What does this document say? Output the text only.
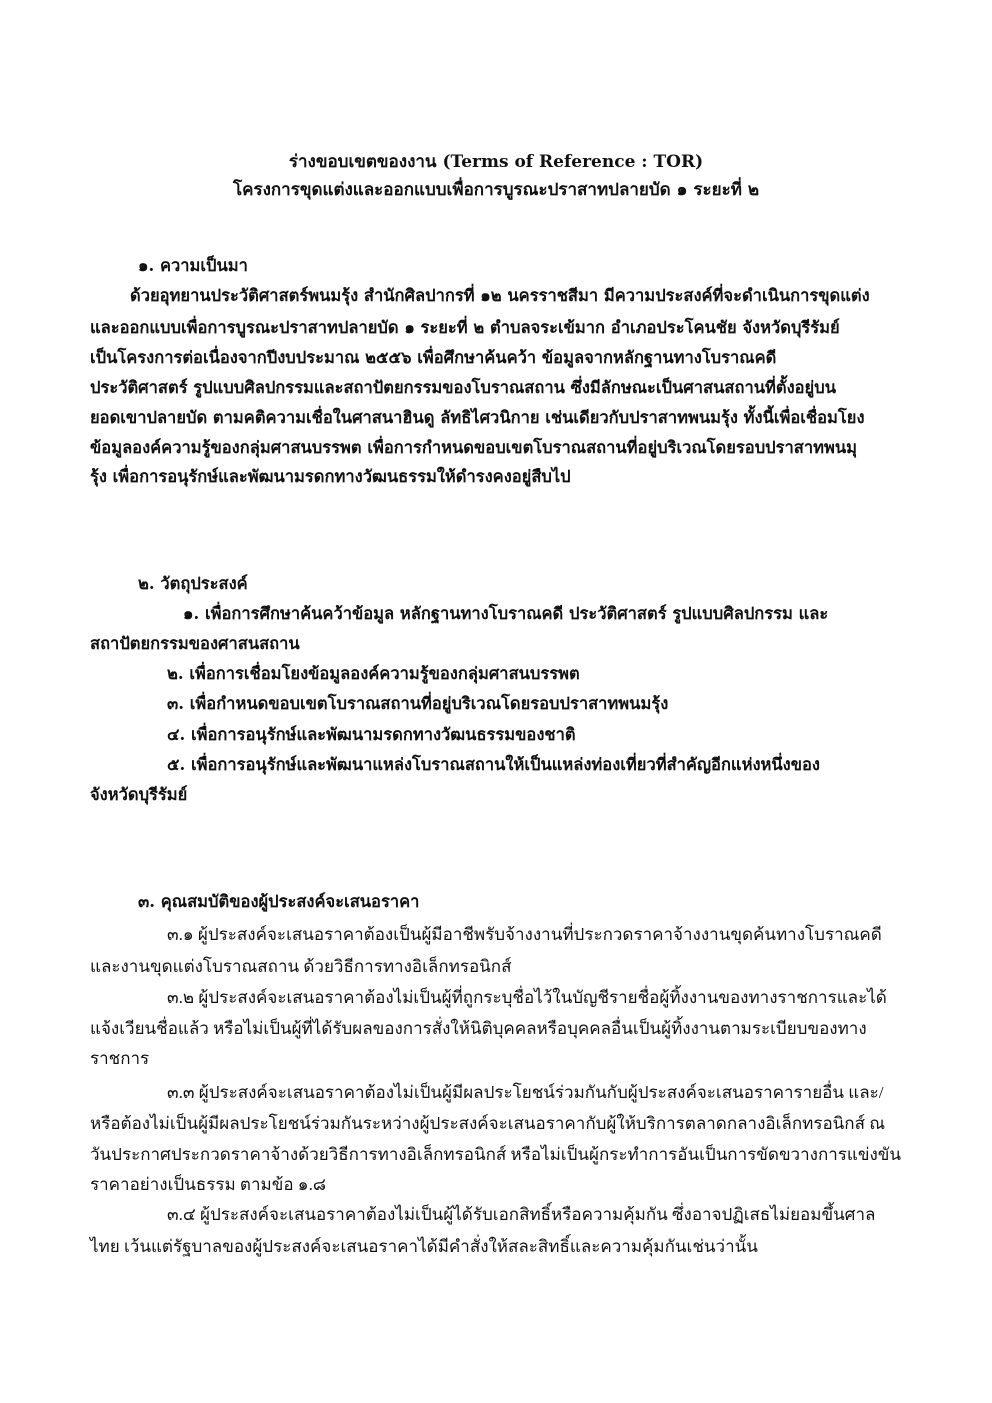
ร่างขอบเขตของงาน (Terms of Reference : TOR)
โครงการขุดแต่งและออกแบบเพื่อการบูรณะปราสาทปลายบัด ๑ ระยะที่ ๒
๑. ความเป็นมา
ด้วยอุทยานประวัติศาสตร์พนมรุ้ง สำนักศิลปากรที่ ๑๒ นครราชสีมา มีความประสงค์ที่จะดำเนินการขุดแต่ง
และออกแบบเพื่อการบูรณะปราสาทปลายบัด ๑ ระยะที่ ๒ ตำบลจระเข้มาก อำเภอประโคนชัย จังหวัดบุรีรัมย์
เป็นโครงการต่อเนื่องจากปีงบประมาณ ๒๕๕๖ เพื่อศึกษาค้นคว้า ข้อมูลจากหลักฐานทางโบราณคดี
ประวัติศาสตร์ รูปแบบศิลปกรรมและสถาปัตยกรรมของโบราณสถาน ซึ่งมีลักษณะเป็นศาสนสถานที่ตั้งอยู่บน
ยอดเขาปลายบัด ตามคติความเชื่อในศาสนาฮินดู ลัทธิไศวนิกาย เช่นเดียวกับปราสาทพนมรุ้ง ทั้งนี้เพื่อเชื่อมโยง
ข้อมูลองค์ความรู้ของกลุ่มศาสนบรรพต เพื่อการกำหนดขอบเขตโบราณสถานที่อยู่บริเวณโดยรอบปราสาทพนมุ
รุ้ง เพื่อการอนุรักษ์และพัฒนามรดกทางวัฒนธรรมให้ดำรงคงอยู่สืบไป
๒. วัตถุประสงค์
๑. เพื่อการศึกษาค้นคว้าข้อมูล หลักฐานทางโบราณคดี ประวัติศาสตร์ รูปแบบศิลปกรรม และ
สถาปัตยกรรมของศาสนสถาน
๒. เพื่อการเชื่อมโยงข้อมูลองค์ความรู้ของกลุ่มศาสนบรรพต
๓. เพื่อกำหนดขอบเขตโบราณสถานที่อยู่บริเวณโดยรอบปราสาทพนมรุ้ง
๔. เพื่อการอนุรักษ์และพัฒนามรดกทางวัฒนธรรมของชาติ
๕. เพื่อการอนุรักษ์และพัฒนาแหล่งโบราณสถานให้เป็นแหล่งท่องเที่ยวที่สำคัญอีกแห่งหนึ่งของ
จังหวัดบุรีรัมย์
๓. คุณสมบัติของผู้ประสงค์จะเสนอราคา
๓.๑ ผู้ประสงค์จะเสนอราคาต้องเป็นผู้มีอาชีพรับจ้างงานที่ประกวดราคาจ้างงานขุดค้นทางโบราณคดี
และงานขุดแต่งโบราณสถาน ด้วยวิธีการทางอิเล็กทรอนิกส์
๓.๒ ผู้ประสงค์จะเสนอราคาต้องไม่เป็นผู้ที่ถูกระบุชื่อไว้ในบัญชีรายชื่อผู้ทิ้งงานของทางราชการและได้
แจ้งเวียนชื่อแล้ว หรือไม่เป็นผู้ที่ได้รับผลของการสั่งให้นิติบุคคลหรือบุคคลอื่นเป็นผู้ทิ้งงานตามระเบียบของทาง
ราชการ
๓.๓ ผู้ประสงค์จะเสนอราคาต้องไม่เป็นผู้มีผลประโยชน์ร่วมกันกับผู้ประสงค์จะเสนอราคารายอื่น และ/
หรือต้องไม่เป็นผู้มีผลประโยชน์ร่วมกันระหว่างผู้ประสงค์จะเสนอราคากับผู้ให้บริการตลาดกลางอิเล็กทรอนิกส์ ณ
วันประกาศประกวดราคาจ้างด้วยวิธีการทางอิเล็กทรอนิกส์ หรือไม่เป็นผู้กระทำการอันเป็นการขัดขวางการแข่งขัน
ราคาอย่างเป็นธรรม ตามข้อ ๑.๘
๓.๔ ผู้ประสงค์จะเสนอราคาต้องไม่เป็นผู้ได้รับเอกสิทธิ์หรือความคุ้มกัน ซึ่งอาจปฏิเสธไม่ยอมขึ้นศาล
ไทย เว้นแต่รัฐบาลของผู้ประสงค์จะเสนอราคาได้มีคำสั่งให้สละสิทธิ์และความคุ้มกันเช่นว่านั้น
